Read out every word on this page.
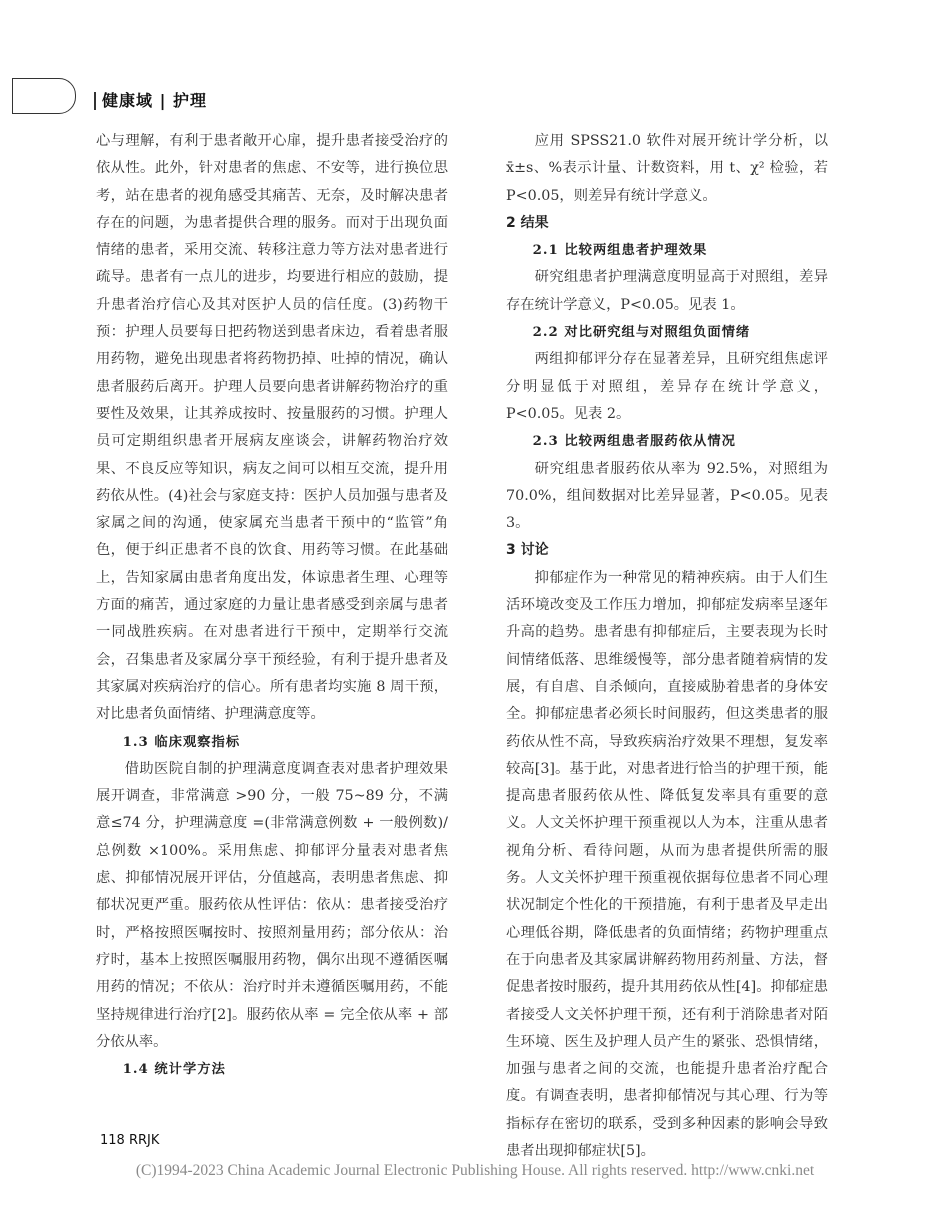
健康域 | 护理

心与理解，有利于患者敞开心扉，提升患者接受治疗的依从性。此外，针对患者的焦虑、不安等，进行换位思考，站在患者的视角感受其痛苦、无奈，及时解决患者存在的问题，为患者提供合理的服务。而对于出现负面情绪的患者，采用交流、转移注意力等方法对患者进行疏导。患者有一点儿的进步，均要进行相应的鼓励，提升患者治疗信心及其对医护人员的信任度。(3)药物干预：护理人员要每日把药物送到患者床边，看着患者服用药物，避免出现患者将药物扔掉、吐掉的情况，确认患者服药后离开。护理人员要向患者讲解药物治疗的重要性及效果，让其养成按时、按量服药的习惯。护理人员可定期组织患者开展病友座谈会，讲解药物治疗效果、不良反应等知识，病友之间可以相互交流，提升用药依从性。(4)社会与家庭支持：医护人员加强与患者及家属之间的沟通，使家属充当患者干预中的“监管”角色，便于纠正患者不良的饮食、用药等习惯。在此基础上，告知家属由患者角度出发，体谅患者生理、心理等方面的痛苦，通过家庭的力量让患者感受到亲属与患者一同战胜疾病。在对患者进行干预中，定期举行交流会，召集患者及家属分享干预经验，有利于提升患者及其家属对疾病治疗的信心。所有患者均实施 8 周干预，对比患者负面情绪、护理满意度等。

1.3 临床观察指标

借助医院自制的护理满意度调查表对患者护理效果展开调查，非常满意 >90 分，一般 75~89 分，不满意≤74 分，护理满意度 =(非常满意例数 + 一般例数)/ 总例数 ×100%。采用焦虑、抑郁评分量表对患者焦虑、抑郁情况展开评估，分值越高，表明患者焦虑、抑郁状况更严重。服药依从性评估：依从：患者接受治疗时，严格按照医嘱按时、按照剂量用药；部分依从：治疗时，基本上按照医嘱服用药物，偶尔出现不遵循医嘱用药的情况；不依从：治疗时并未遵循医嘱用药，不能坚持规律进行治疗[2]。服药依从率 = 完全依从率 + 部分依从率。

1.4 统计学方法

应用 SPSS21.0 软件对展开统计学分析，以x̄±s、%表示计量、计数资料，用 t、χ² 检验，若 P<0.05，则差异有统计学意义。

2 结果

2.1 比较两组患者护理效果

研究组患者护理满意度明显高于对照组，差异存在统计学意义，P<0.05。见表 1。

2.2 对比研究组与对照组负面情绪

两组抑郁评分存在显著差异，且研究组焦虑评分明显低于对照组，差异存在统计学意义，P<0.05。见表 2。

2.3 比较两组患者服药依从情况

研究组患者服药依从率为 92.5%，对照组为 70.0%，组间数据对比差异显著，P<0.05。见表 3。

3 讨论

抑郁症作为一种常见的精神疾病。由于人们生活环境改变及工作压力增加，抑郁症发病率呈逐年升高的趋势。患者患有抑郁症后，主要表现为长时间情绪低落、思维缓慢等，部分患者随着病情的发展，有自虐、自杀倾向，直接威胁着患者的身体安全。抑郁症患者必须长时间服药，但这类患者的服药依从性不高，导致疾病治疗效果不理想，复发率较高[3]。基于此，对患者进行恰当的护理干预，能提高患者服药依从性、降低复发率具有重要的意义。人文关怀护理干预重视以人为本，注重从患者视角分析、看待问题，从而为患者提供所需的服务。人文关怀护理干预重视依据每位患者不同心理状况制定个性化的干预措施，有利于患者及早走出心理低谷期，降低患者的负面情绪；药物护理重点在于向患者及其家属讲解药物用药剂量、方法，督促患者按时服药，提升其用药依从性[4]。抑郁症患者接受人文关怀护理干预，还有利于消除患者对陌生环境、医生及护理人员产生的紧张、恐惧情绪，加强与患者之间的交流，也能提升患者治疗配合度。有调查表明，患者抑郁情况与其心理、行为等指标存在密切的联系，受到多种因素的影响会导致患者出现抑郁症状[5]。

118 RRJK
(C)1994-2023 China Academic Journal Electronic Publishing House. All rights reserved. http://www.cnki.net
